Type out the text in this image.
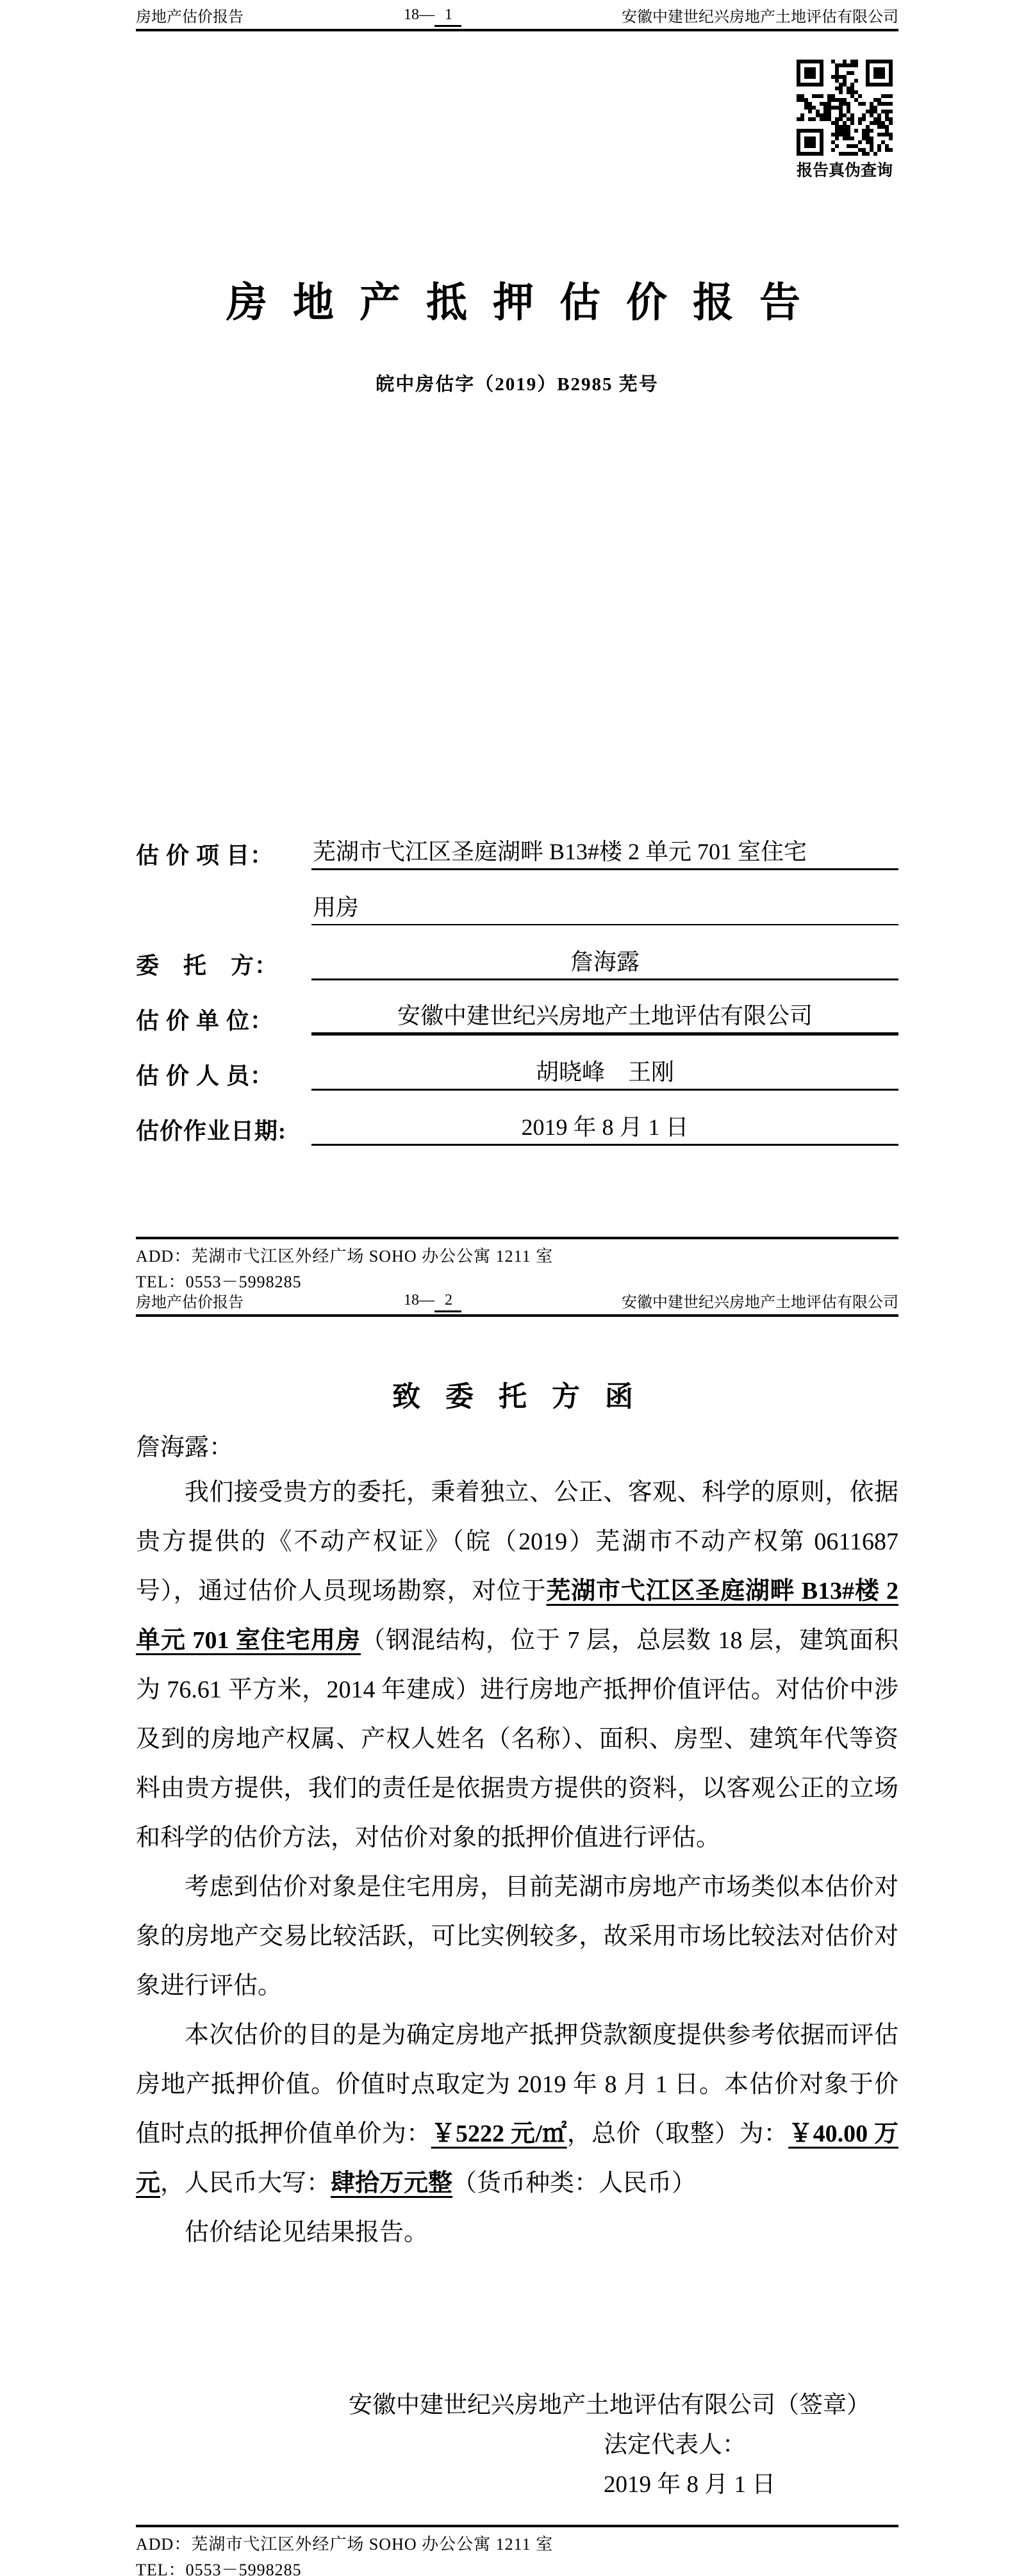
房地产估价报告	18— 1	安徽中建世纪兴房地产土地评估有限公司
报告真伪查询
房 地 产 抵 押 估 价 报 告
皖中房估字（2019）B2985 芜号
估 价 项 目：	芜湖市弋江区圣庭湖畔 B13#楼 2 单元 701 室住宅
用房
委　托　方：	詹海露
估 价 单 位：	安徽中建世纪兴房地产土地评估有限公司
估 价 人 员：	胡晓峰　王刚
估价作业日期:	2019 年 8 月 1 日
ADD：芜湖市弋江区外经广场 SOHO 办公公寓 1211 室
TEL：0553－5998285
房地产估价报告	18— 2	安徽中建世纪兴房地产土地评估有限公司
致 委 托 方 函
詹海露：

我们接受贵方的委托，秉着独立、公正、客观、科学的原则，依据贵方提供的《不动产权证》（皖（2019）芜湖市不动产权第 0611687 号），通过估价人员现场勘察，对位于芜湖市弋江区圣庭湖畔 B13#楼 2 单元 701 室住宅用房（钢混结构，位于 7 层，总层数 18 层，建筑面积为 76.61 平方米，2014 年建成）进行房地产抵押价值评估。对估价中涉及到的房地产权属、产权人姓名（名称）、面积、房型、建筑年代等资料由贵方提供，我们的责任是依据贵方提供的资料，以客观公正的立场和科学的估价方法，对估价对象的抵押价值进行评估。

考虑到估价对象是住宅用房，目前芜湖市房地产市场类似本估价对象的房地产交易比较活跃，可比实例较多，故采用市场比较法对估价对象进行评估。

本次估价的目的是为确定房地产抵押贷款额度提供参考依据而评估房地产抵押价值。价值时点取定为 2019 年 8 月 1 日。本估价对象于价值时点的抵押价值单价为：￥5222 元/㎡，总价（取整）为：￥40.00 万元，人民币大写：肆拾万元整（货币种类：人民币）

估价结论见结果报告。

安徽中建世纪兴房地产土地评估有限公司（签章）
法定代表人：
2019 年 8 月 1 日
ADD：芜湖市弋江区外经广场 SOHO 办公公寓 1211 室
TEL：0553－5998285
